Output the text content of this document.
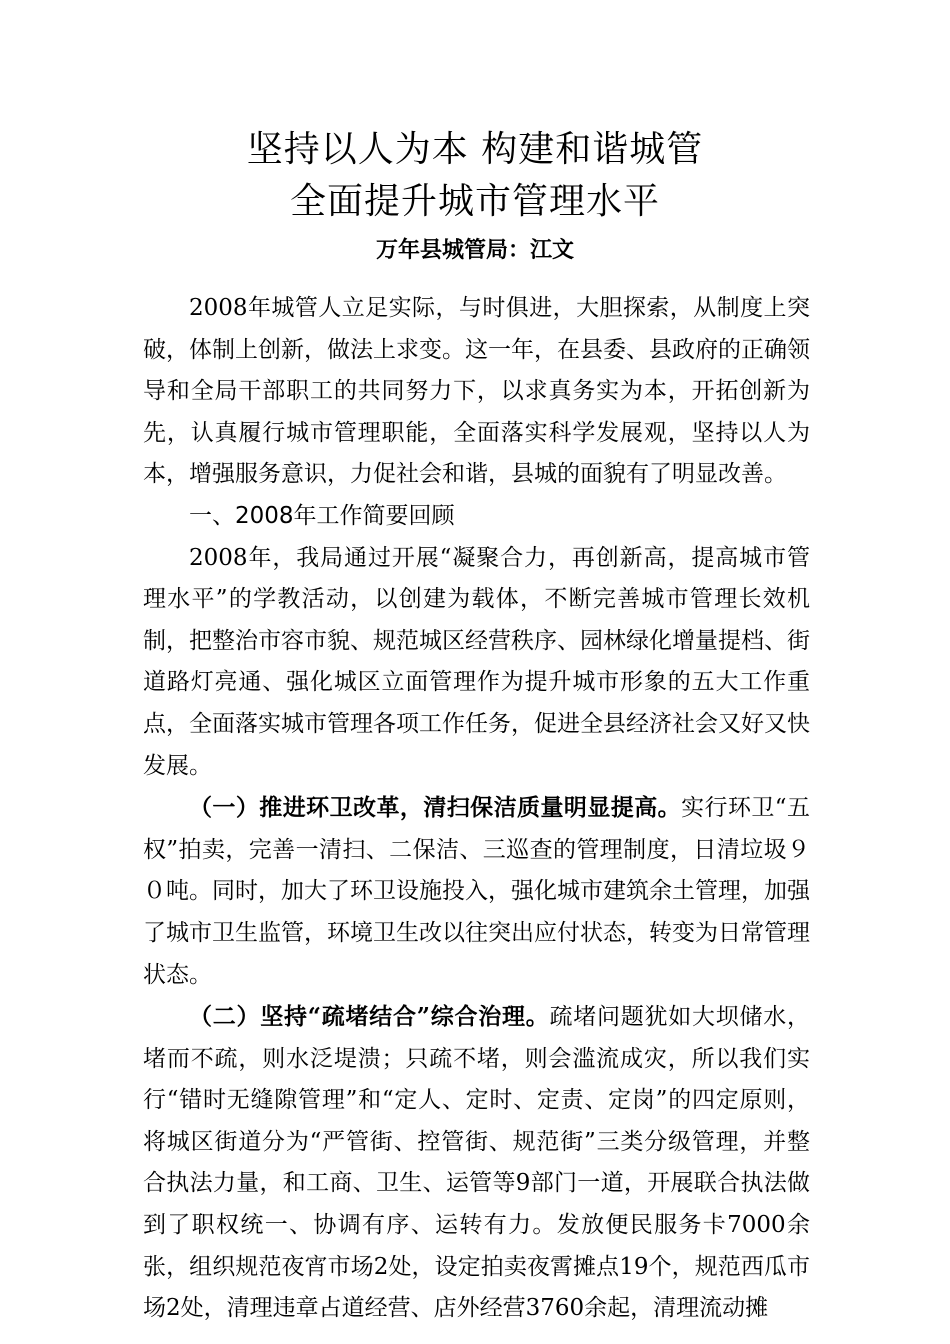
坚持以人为本 构建和谐城管
全面提升城市管理水平
万年县城管局：江文

2008年城管人立足实际，与时俱进，大胆探索，从制度上突破，体制上创新，做法上求变。这一年，在县委、县政府的正确领导和全局干部职工的共同努力下，以求真务实为本，开拓创新为先，认真履行城市管理职能，全面落实科学发展观，坚持以人为本，增强服务意识，力促社会和谐，县城的面貌有了明显改善。

一、2008年工作简要回顾

2008年，我局通过开展“凝聚合力，再创新高，提高城市管理水平”的学教活动，以创建为载体，不断完善城市管理长效机制，把整治市容市貌、规范城区经营秩序、园林绿化增量提档、街道路灯亮通、强化城区立面管理作为提升城市形象的五大工作重点，全面落实城市管理各项工作任务，促进全县经济社会又好又快发展。

（一）推进环卫改革，清扫保洁质量明显提高。实行环卫“五权”拍卖，完善一清扫、二保洁、三巡查的管理制度，日清垃圾９０吨。同时，加大了环卫设施投入，强化城市建筑余土管理，加强了城市卫生监管，环境卫生改以往突出应付状态，转变为日常管理状态。

（二）坚持“疏堵结合”综合治理。疏堵问题犹如大坝储水，堵而不疏，则水泛堤溃；只疏不堵，则会滥流成灾，所以我们实行“错时无缝隙管理”和“定人、定时、定责、定岗”的四定原则，将城区街道分为“严管街、控管街、规范街”三类分级管理，并整合执法力量，和工商、卫生、运管等9部门一道，开展联合执法做到了职权统一、协调有序、运转有力。发放便民服务卡7000余张，组织规范夜宵市场2处，设定拍卖夜霄摊点19个，规范西瓜市场2处，清理违章占道经营、店外经营3760余起，清理流动摊
